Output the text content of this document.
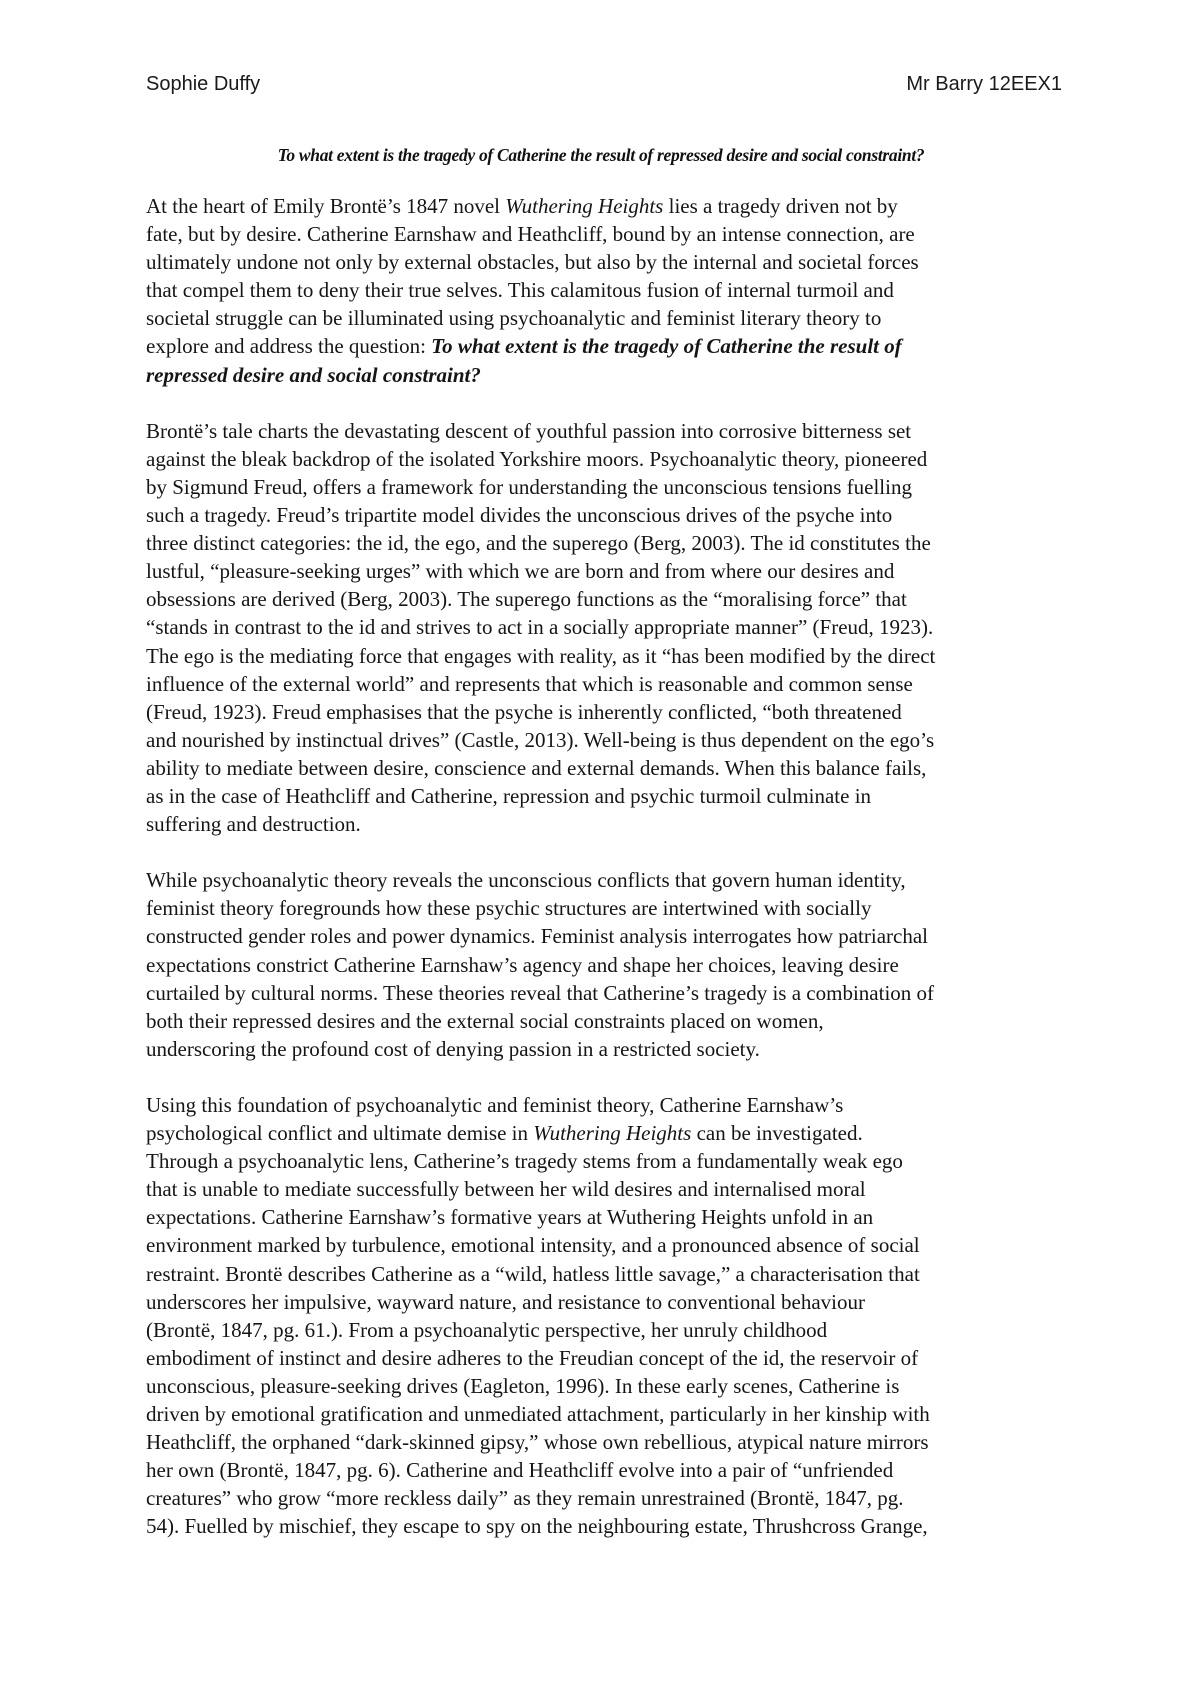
Sophie Duffy	Mr Barry 12EEX1
To what extent is the tragedy of Catherine the result of repressed desire and social constraint?

At the heart of Emily Brontë’s 1847 novel Wuthering Heights lies a tragedy driven not by
fate, but by desire. Catherine Earnshaw and Heathcliff, bound by an intense connection, are
ultimately undone not only by external obstacles, but also by the internal and societal forces
that compel them to deny their true selves. This calamitous fusion of internal turmoil and
societal struggle can be illuminated using psychoanalytic and feminist literary theory to
explore and address the question: To what extent is the tragedy of Catherine the result of
repressed desire and social constraint?

Brontë’s tale charts the devastating descent of youthful passion into corrosive bitterness set
against the bleak backdrop of the isolated Yorkshire moors. Psychoanalytic theory, pioneered
by Sigmund Freud, offers a framework for understanding the unconscious tensions fuelling
such a tragedy. Freud’s tripartite model divides the unconscious drives of the psyche into
three distinct categories: the id, the ego, and the superego (Berg, 2003). The id constitutes the
lustful, “pleasure-seeking urges” with which we are born and from where our desires and
obsessions are derived (Berg, 2003). The superego functions as the “moralising force” that
“stands in contrast to the id and strives to act in a socially appropriate manner” (Freud, 1923).
The ego is the mediating force that engages with reality, as it “has been modified by the direct
influence of the external world” and represents that which is reasonable and common sense
(Freud, 1923). Freud emphasises that the psyche is inherently conflicted, “both threatened
and nourished by instinctual drives” (Castle, 2013). Well-being is thus dependent on the ego’s
ability to mediate between desire, conscience and external demands. When this balance fails,
as in the case of Heathcliff and Catherine, repression and psychic turmoil culminate in
suffering and destruction.

While psychoanalytic theory reveals the unconscious conflicts that govern human identity,
feminist theory foregrounds how these psychic structures are intertwined with socially
constructed gender roles and power dynamics. Feminist analysis interrogates how patriarchal
expectations constrict Catherine Earnshaw’s agency and shape her choices, leaving desire
curtailed by cultural norms. These theories reveal that Catherine’s tragedy is a combination of
both their repressed desires and the external social constraints placed on women,
underscoring the profound cost of denying passion in a restricted society.

Using this foundation of psychoanalytic and feminist theory, Catherine Earnshaw’s
psychological conflict and ultimate demise in Wuthering Heights can be investigated.
Through a psychoanalytic lens, Catherine’s tragedy stems from a fundamentally weak ego
that is unable to mediate successfully between her wild desires and internalised moral
expectations. Catherine Earnshaw’s formative years at Wuthering Heights unfold in an
environment marked by turbulence, emotional intensity, and a pronounced absence of social
restraint. Brontë describes Catherine as a “wild, hatless little savage,” a characterisation that
underscores her impulsive, wayward nature, and resistance to conventional behaviour
(Brontë, 1847, pg. 61.). From a psychoanalytic perspective, her unruly childhood
embodiment of instinct and desire adheres to the Freudian concept of the id, the reservoir of
unconscious, pleasure-seeking drives (Eagleton, 1996). In these early scenes, Catherine is
driven by emotional gratification and unmediated attachment, particularly in her kinship with
Heathcliff, the orphaned “dark-skinned gipsy,” whose own rebellious, atypical nature mirrors
her own (Brontë, 1847, pg. 6). Catherine and Heathcliff evolve into a pair of “unfriended
creatures” who grow “more reckless daily” as they remain unrestrained (Brontë, 1847, pg.
54). Fuelled by mischief, they escape to spy on the neighbouring estate, Thrushcross Grange,
